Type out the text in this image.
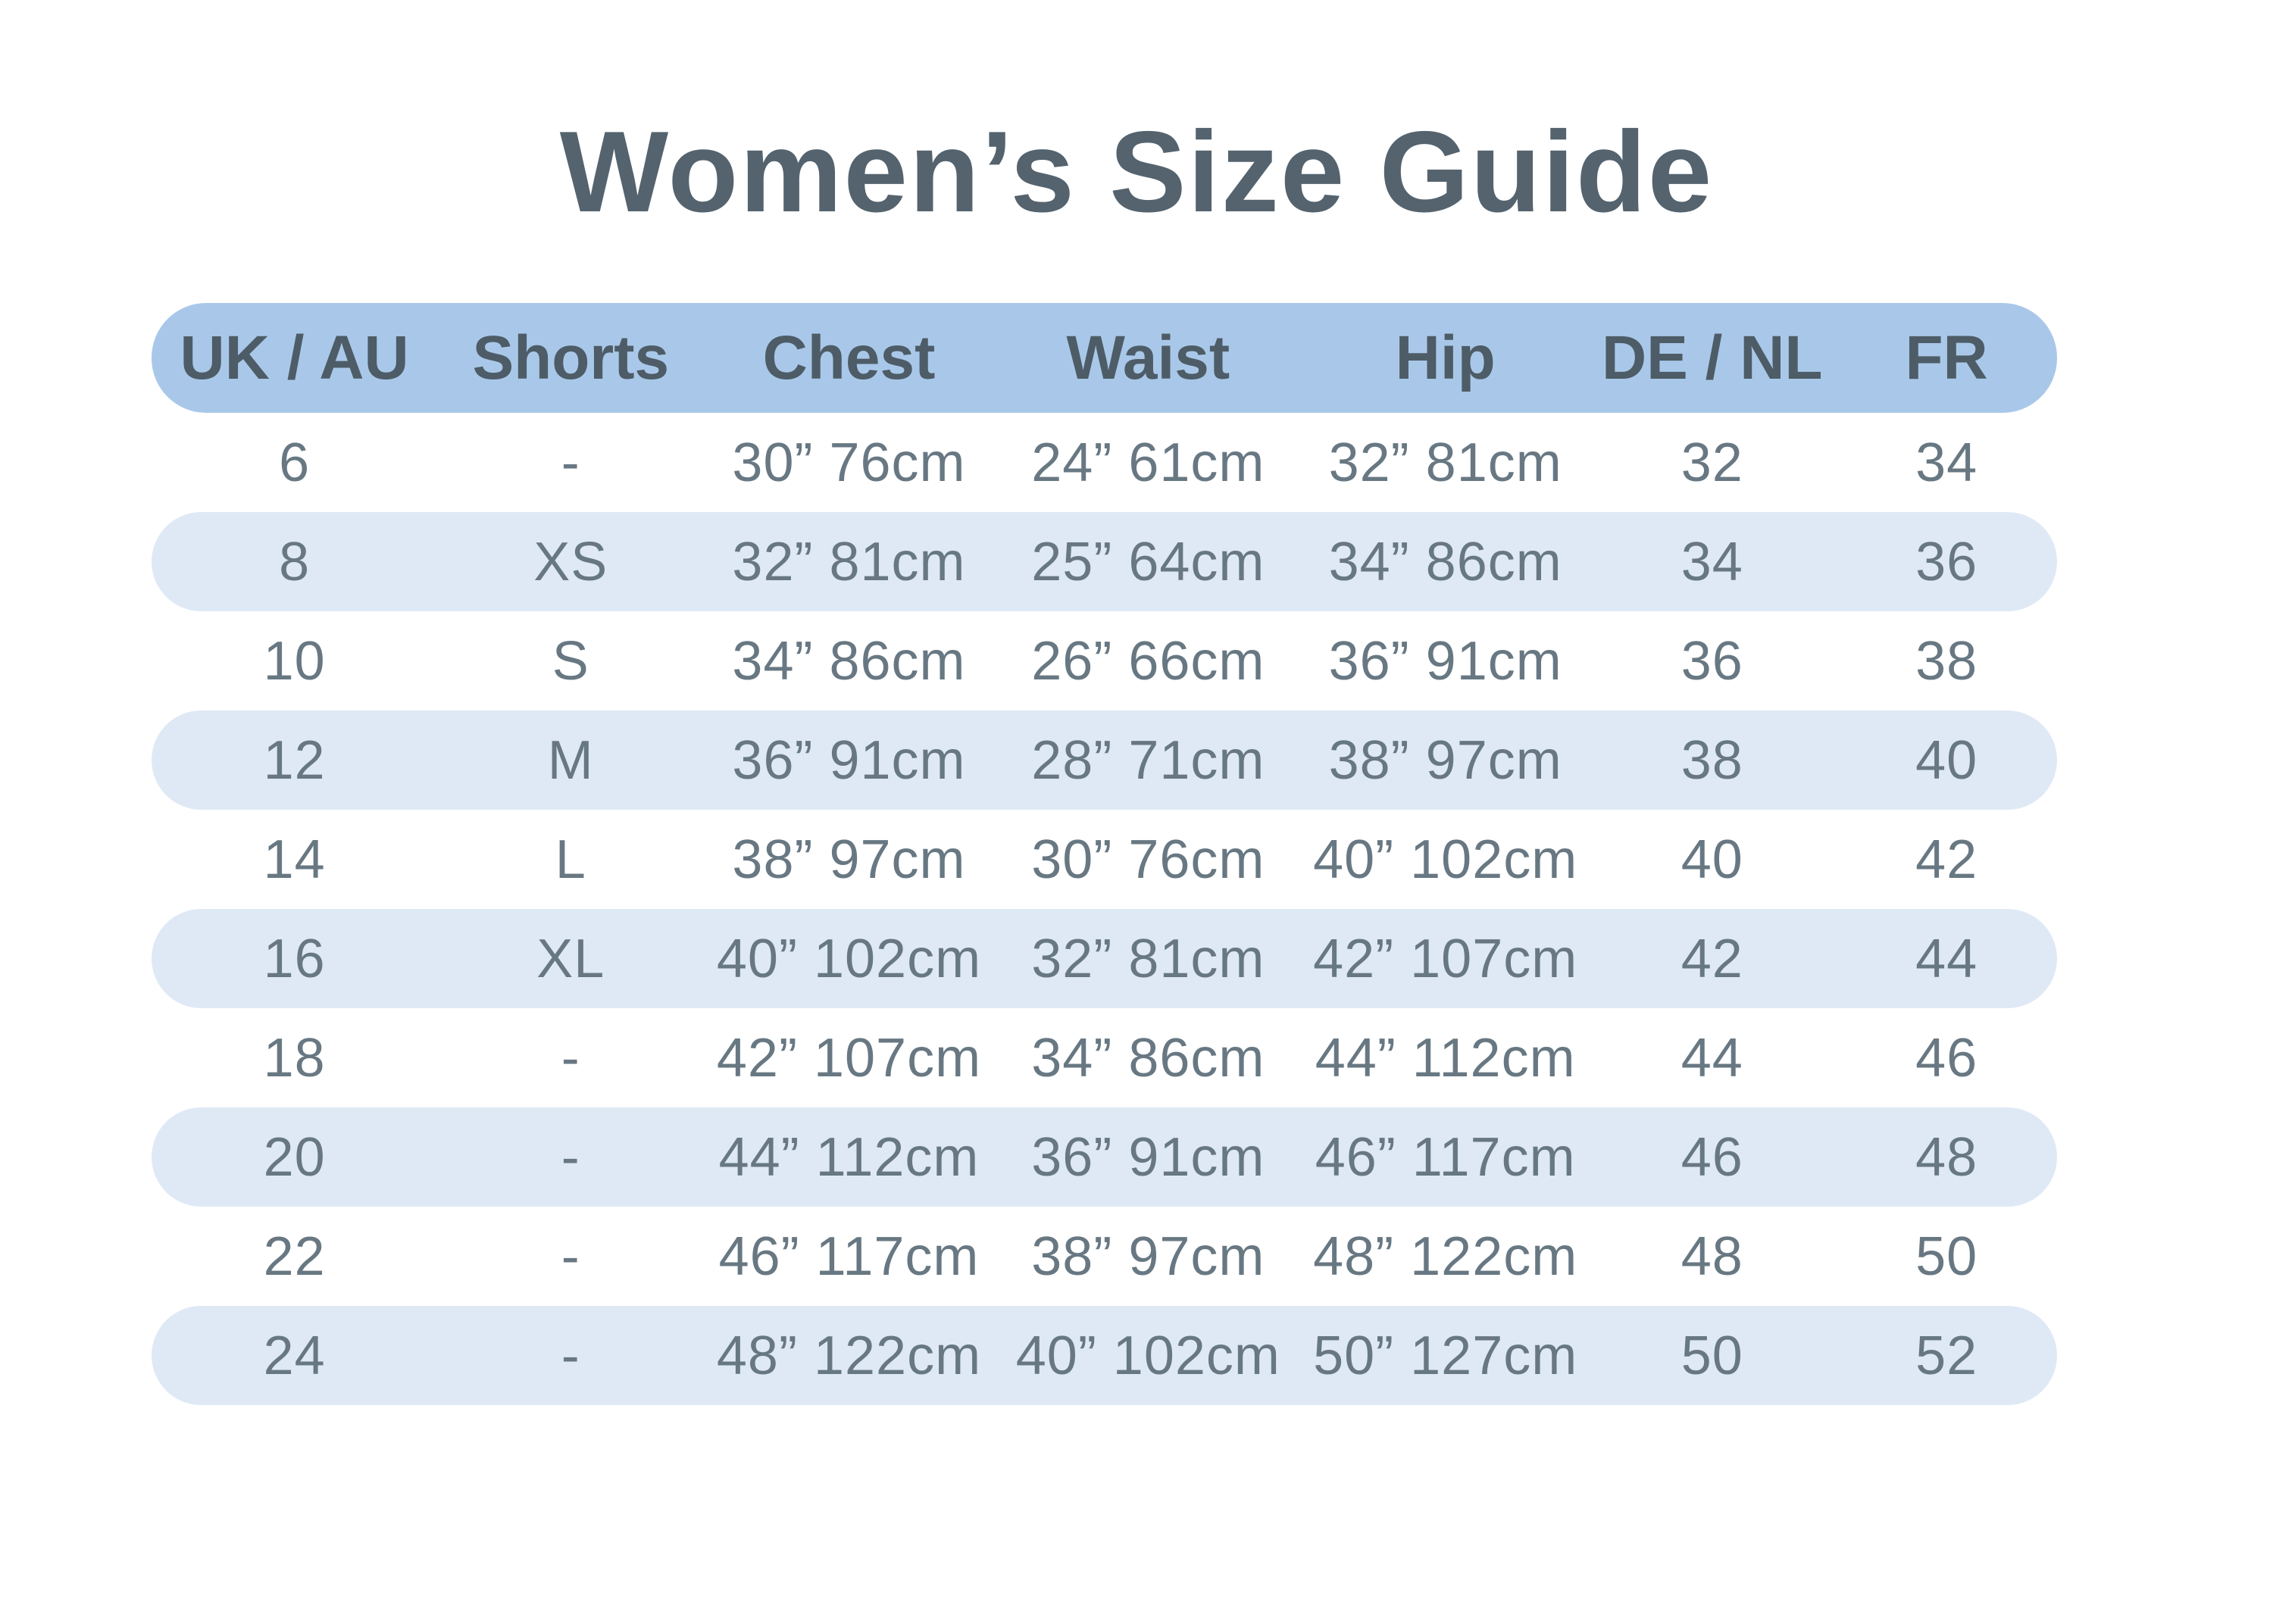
Women’s Size Guide
UK / AU	Shorts	Chest	Waist	Hip	DE / NL	FR
6	-	30” 76cm	24” 61cm	32” 81cm	32	34
8	XS	32” 81cm	25” 64cm	34” 86cm	34	36
10	S	34” 86cm	26” 66cm	36” 91cm	36	38
12	M	36” 91cm	28” 71cm	38” 97cm	38	40
14	L	38” 97cm	30” 76cm	40” 102cm	40	42
16	XL	40” 102cm	32” 81cm	42” 107cm	42	44
18	-	42” 107cm	34” 86cm	44” 112cm	44	46
20	-	44” 112cm	36” 91cm	46” 117cm	46	48
22	-	46” 117cm	38” 97cm	48” 122cm	48	50
24	-	48” 122cm	40” 102cm	50” 127cm	50	52
